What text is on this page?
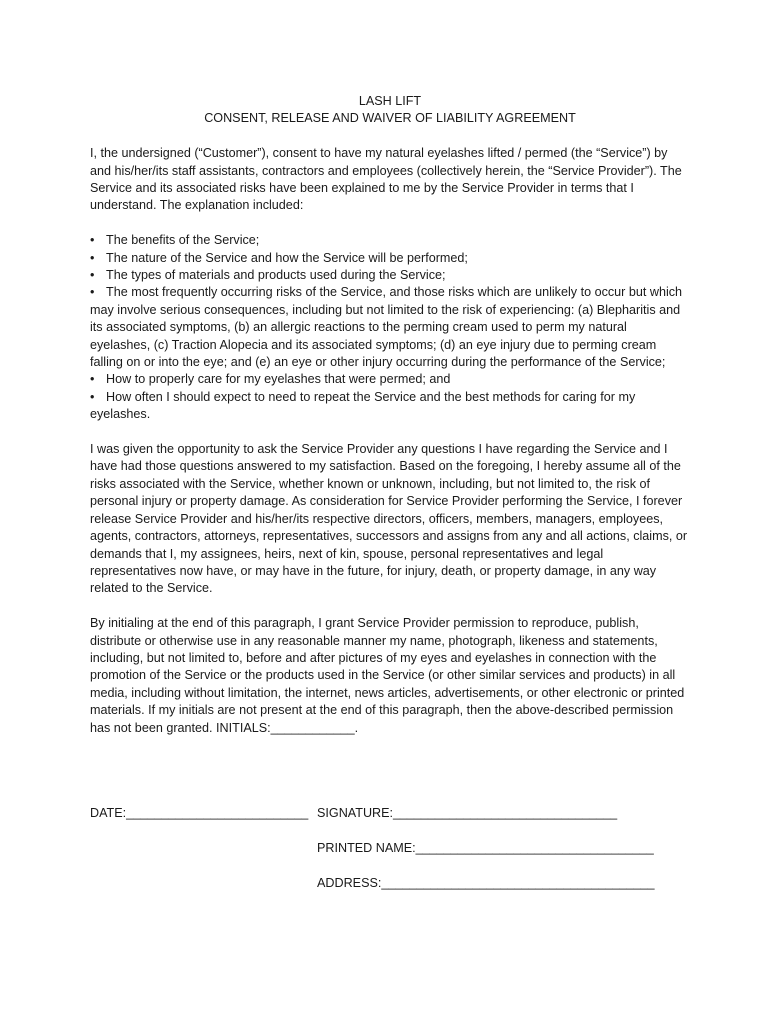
LASH LIFT

CONSENT, RELEASE AND WAIVER OF LIABILITY AGREEMENT

I, the undersigned (“Customer”), consent to have my natural eyelashes lifted / permed (the “Service”) by and his/her/its staff assistants, contractors and employees (collectively herein, the “Service Provider”). The Service and its associated risks have been explained to me by the Service Provider in terms that I understand. The explanation included:

• The benefits of the Service;
• The nature of the Service and how the Service will be performed;
• The types of materials and products used during the Service;
• The most frequently occurring risks of the Service, and those risks which are unlikely to occur but which may involve serious consequences, including but not limited to the risk of experiencing: (a) Blepharitis and its associated symptoms, (b) an allergic reactions to the perming cream used to perm my natural eyelashes, (c) Traction Alopecia and its associated symptoms; (d) an eye injury due to perming cream falling on or into the eye; and (e) an eye or other injury occurring during the performance of the Service;
• How to properly care for my eyelashes that were permed; and
• How often I should expect to need to repeat the Service and the best methods for caring for my eyelashes.

I was given the opportunity to ask the Service Provider any questions I have regarding the Service and I have had those questions answered to my satisfaction. Based on the foregoing, I hereby assume all of the risks associated with the Service, whether known or unknown, including, but not limited to, the risk of personal injury or property damage. As consideration for Service Provider performing the Service, I forever release Service Provider and his/her/its respective directors, officers, members, managers, employees, agents, contractors, attorneys, representatives, successors and assigns from any and all actions, claims, or demands that I, my assignees, heirs, next of kin, spouse, personal representatives and legal representatives now have, or may have in the future, for injury, death, or property damage, in any way related to the Service.

By initialing at the end of this paragraph, I grant Service Provider permission to reproduce, publish, distribute or otherwise use in any reasonable manner my name, photograph, likeness and statements, including, but not limited to, before and after pictures of my eyes and eyelashes in connection with the promotion of the Service or the products used in the Service (or other similar services and products) in all media, including without limitation, the internet, news articles, advertisements, or other electronic or printed materials. If my initials are not present at the end of this paragraph, then the above-described permission has not been granted. INITIALS:____________.

DATE:__________________________ SIGNATURE:________________________________
PRINTED NAME:__________________________________
ADDRESS:_______________________________________
